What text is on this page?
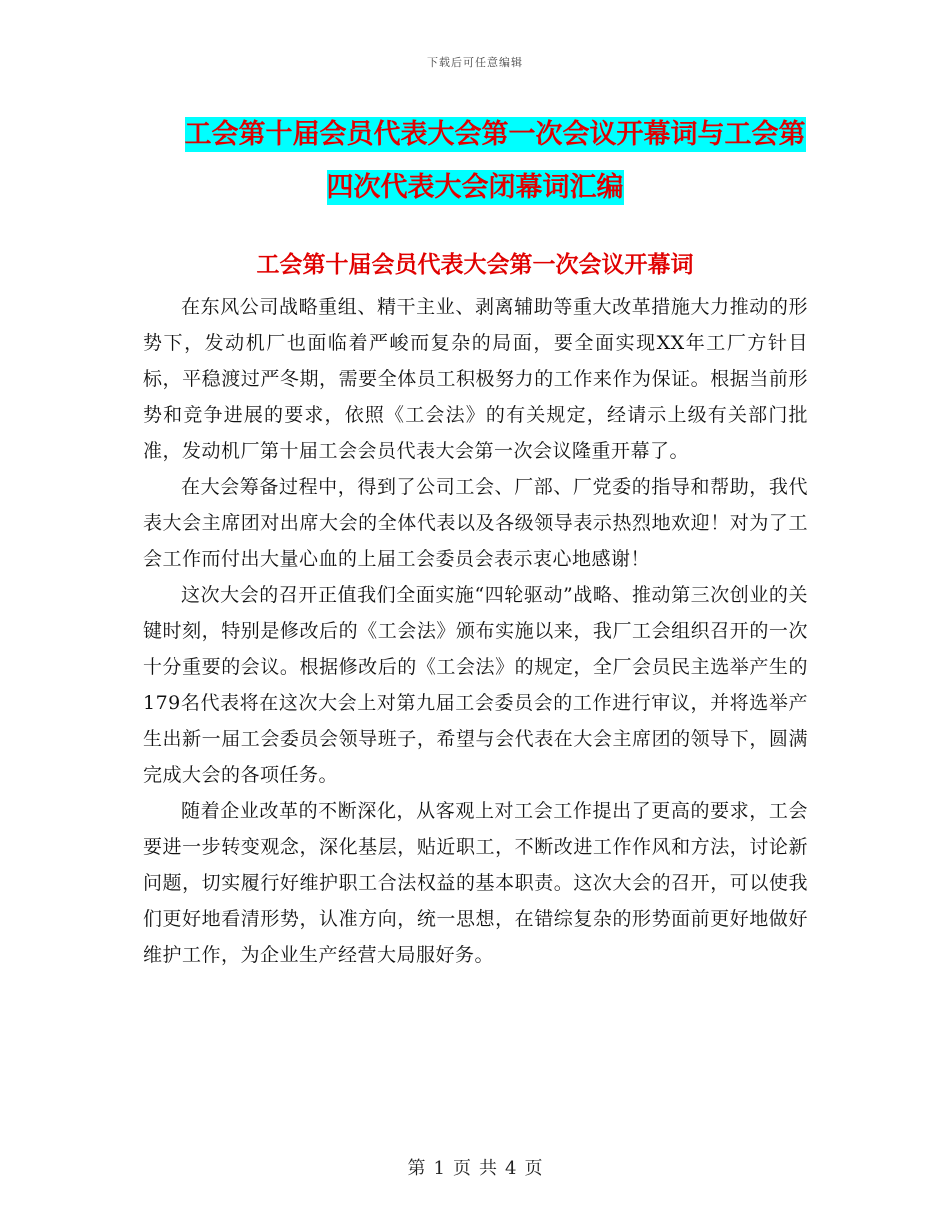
下载后可任意编辑
工会第十届会员代表大会第一次会议开幕词与工会第
四次代表大会闭幕词汇编
工会第十届会员代表大会第一次会议开幕词

在东风公司战略重组、精干主业、剥离辅助等重大改革措施大力推动的形势下，发动机厂也面临着严峻而复杂的局面，要全面实现XX年工厂方针目标，平稳渡过严冬期，需要全体员工积极努力的工作来作为保证。根据当前形势和竞争进展的要求，依照《工会法》的有关规定，经请示上级有关部门批准，发动机厂第十届工会会员代表大会第一次会议隆重开幕了。

在大会筹备过程中，得到了公司工会、厂部、厂党委的指导和帮助，我代表大会主席团对出席大会的全体代表以及各级领导表示热烈地欢迎！对为了工会工作而付出大量心血的上届工会委员会表示衷心地感谢！

这次大会的召开正值我们全面实施“四轮驱动”战略、推动第三次创业的关键时刻，特别是修改后的《工会法》颁布实施以来，我厂工会组织召开的一次十分重要的会议。根据修改后的《工会法》的规定，全厂会员民主选举产生的179名代表将在这次大会上对第九届工会委员会的工作进行审议，并将选举产生出新一届工会委员会领导班子，希望与会代表在大会主席团的领导下，圆满完成大会的各项任务。

随着企业改革的不断深化，从客观上对工会工作提出了更高的要求，工会要进一步转变观念，深化基层，贴近职工，不断改进工作作风和方法，讨论新问题，切实履行好维护职工合法权益的基本职责。这次大会的召开，可以使我们更好地看清形势，认准方向，统一思想，在错综复杂的形势面前更好地做好维护工作，为企业生产经营大局服好务。

第 1 页 共 4 页
